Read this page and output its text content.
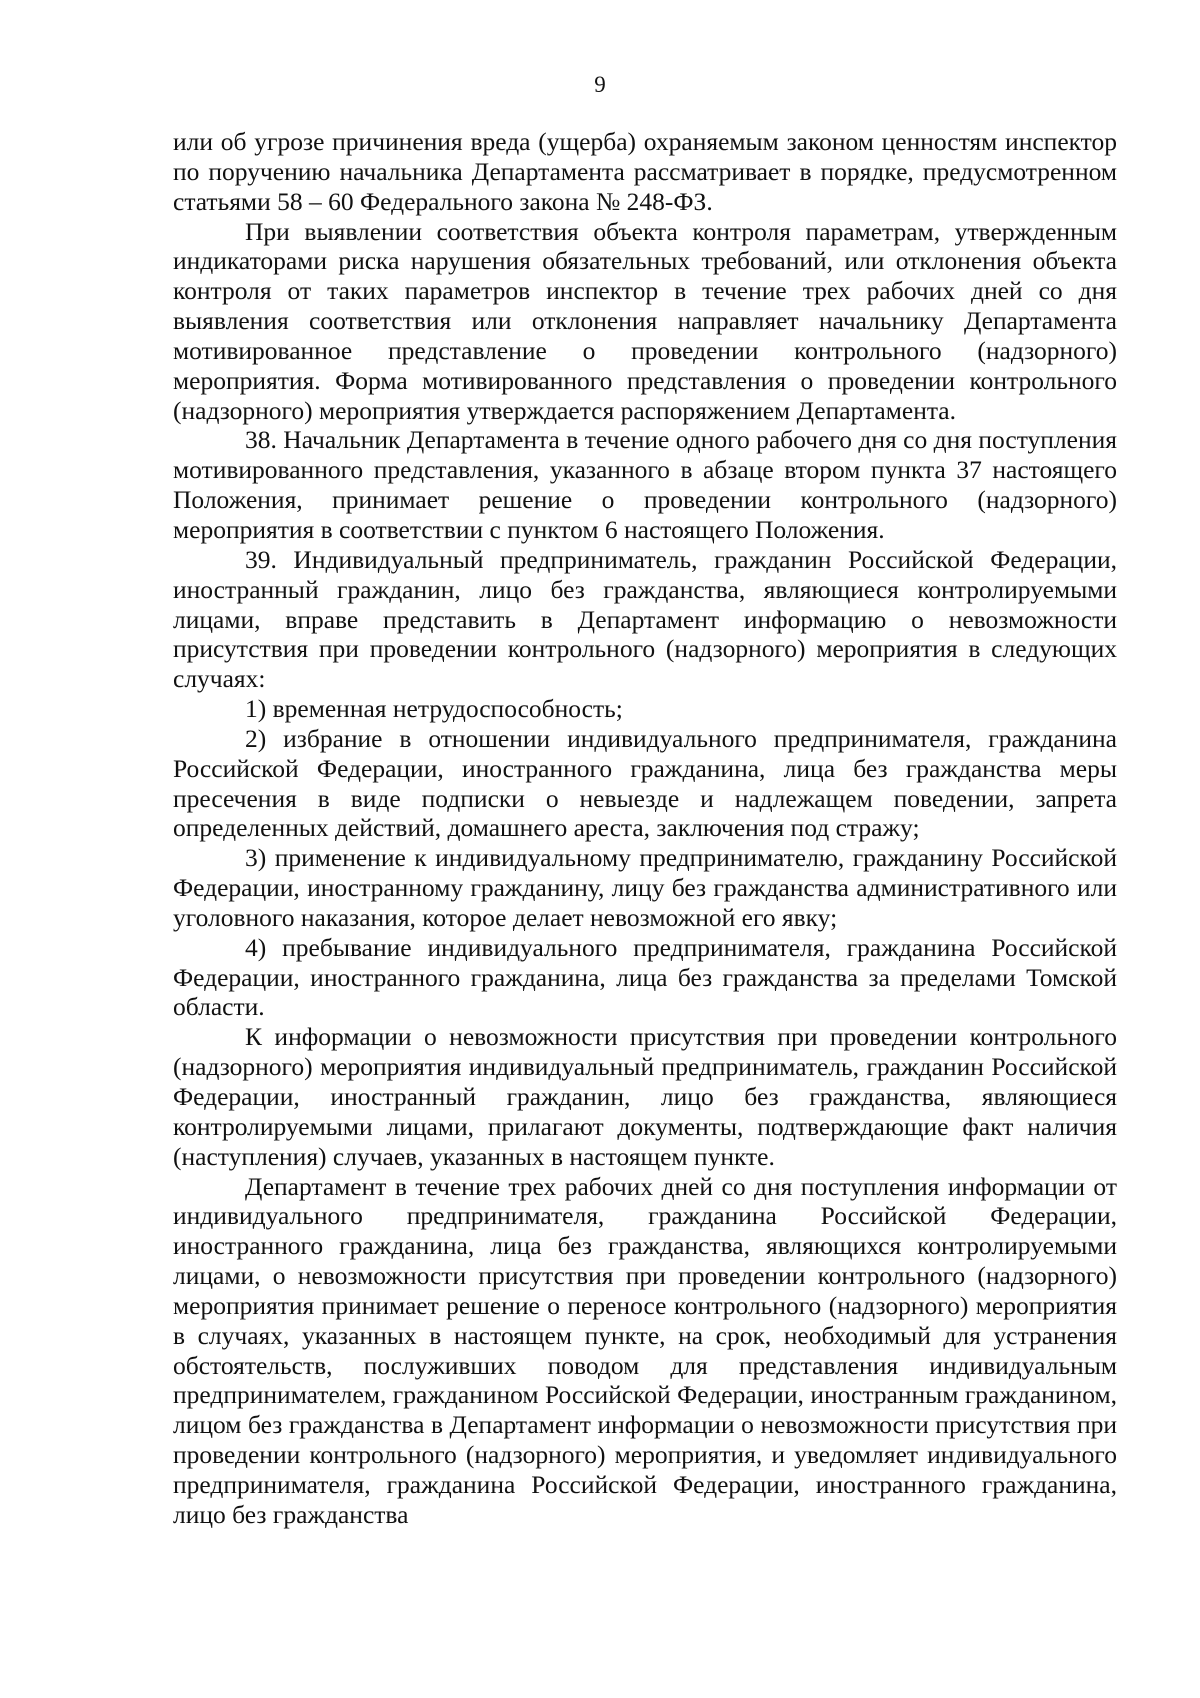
9

или об угрозе причинения вреда (ущерба) охраняемым законом ценностям инспектор по поручению начальника Департамента рассматривает в порядке, предусмотренном статьями 58 – 60 Федерального закона № 248-ФЗ.

При выявлении соответствия объекта контроля параметрам, утвержденным индикаторами риска нарушения обязательных требований, или отклонения объекта контроля от таких параметров инспектор в течение трех рабочих дней со дня выявления соответствия или отклонения направляет начальнику Департамента мотивированное представление о проведении контрольного (надзорного) мероприятия. Форма мотивированного представления о проведении контрольного (надзорного) мероприятия утверждается распоряжением Департамента.

38. Начальник Департамента в течение одного рабочего дня со дня поступления мотивированного представления, указанного в абзаце втором пункта 37 настоящего Положения, принимает решение о проведении контрольного (надзорного) мероприятия в соответствии с пунктом 6 настоящего Положения.

39. Индивидуальный предприниматель, гражданин Российской Федерации, иностранный гражданин, лицо без гражданства, являющиеся контролируемыми лицами, вправе представить в Департамент информацию о невозможности присутствия при проведении контрольного (надзорного) мероприятия в следующих случаях:

1) временная нетрудоспособность;

2) избрание в отношении индивидуального предпринимателя, гражданина Российской Федерации, иностранного гражданина, лица без гражданства меры пресечения в виде подписки о невыезде и надлежащем поведении, запрета определенных действий, домашнего ареста, заключения под стражу;

3) применение к индивидуальному предпринимателю, гражданину Российской Федерации, иностранному гражданину, лицу без гражданства административного или уголовного наказания, которое делает невозможной его явку;

4) пребывание индивидуального предпринимателя, гражданина Российской Федерации, иностранного гражданина, лица без гражданства за пределами Томской области.

К информации о невозможности присутствия при проведении контрольного (надзорного) мероприятия индивидуальный предприниматель, гражданин Российской Федерации, иностранный гражданин, лицо без гражданства, являющиеся контролируемыми лицами, прилагают документы, подтверждающие факт наличия (наступления) случаев, указанных в настоящем пункте.

Департамент в течение трех рабочих дней со дня поступления информации от индивидуального предпринимателя, гражданина Российской Федерации, иностранного гражданина, лица без гражданства, являющихся контролируемыми лицами, о невозможности присутствия при проведении контрольного (надзорного) мероприятия принимает решение о переносе контрольного (надзорного) мероприятия в случаях, указанных в настоящем пункте, на срок, необходимый для устранения обстоятельств, послуживших поводом для представления индивидуальным предпринимателем, гражданином Российской Федерации, иностранным гражданином, лицом без гражданства в Департамент информации о невозможности присутствия при проведении контрольного (надзорного) мероприятия, и уведомляет индивидуального предпринимателя, гражданина Российской Федерации, иностранного гражданина, лицо без гражданства
